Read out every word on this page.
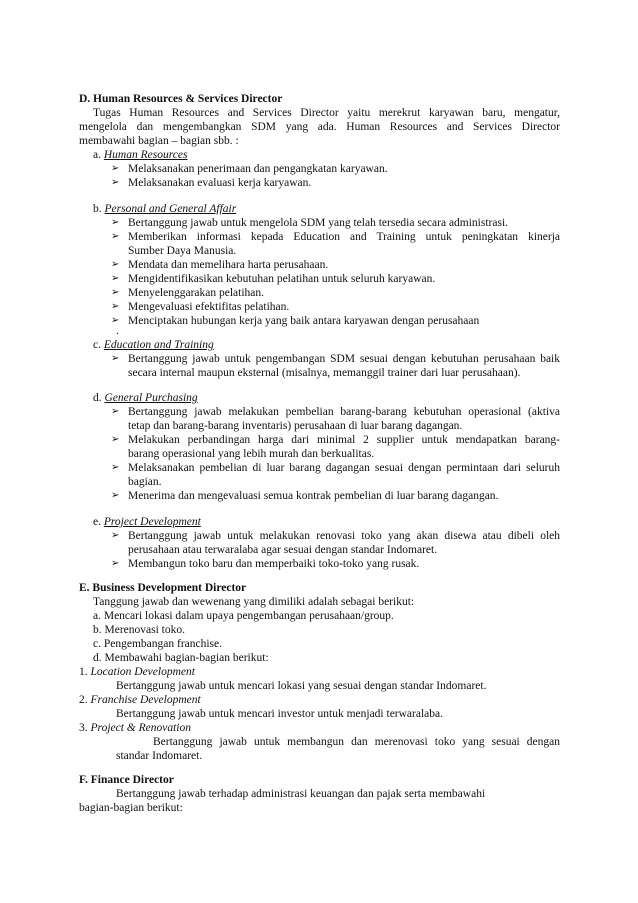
D. Human Resources & Services Director
Tugas Human Resources and Services Director yaitu merekrut karyawan baru, mengatur,
mengelola dan mengembangkan SDM yang ada. Human Resources and Services Director
membawahi bagian – bagian sbb. :
a. Human Resources
➢ Melaksanakan penerimaan dan pengangkatan karyawan.
➢ Melaksanakan evaluasi kerja karyawan.
b. Personal and General Affair
➢ Bertanggung jawab untuk mengelola SDM yang telah tersedia secara administrasi.
➢ Memberikan informasi kepada Education and Training untuk peningkatan kinerja
Sumber Daya Manusia.
➢ Mendata dan memelihara harta perusahaan.
➢ Mengidentifikasikan kebutuhan pelatihan untuk seluruh karyawan.
➢ Menyelenggarakan pelatihan.
➢ Mengevaluasi efektifitas pelatihan.
➢ Menciptakan hubungan kerja yang baik antara karyawan dengan perusahaan
.
c. Education and Training
➢ Bertanggung jawab untuk pengembangan SDM sesuai dengan kebutuhan perusahaan baik
secara internal maupun eksternal (misalnya, memanggil trainer dari luar perusahaan).
d. General Purchasing
➢ Bertanggung jawab melakukan pembelian barang-barang kebutuhan operasional (aktiva
tetap dan barang-barang inventaris) perusahaan di luar barang dagangan.
➢ Melakukan perbandingan harga dari minimal 2 supplier untuk mendapatkan barang-
barang operasional yang lebih murah dan berkualitas.
➢ Melaksanakan pembelian di luar barang dagangan sesuai dengan permintaan dari seluruh
bagian.
➢ Menerima dan mengevaluasi semua kontrak pembelian di luar barang dagangan.
e. Project Development
➢ Bertanggung jawab untuk melakukan renovasi toko yang akan disewa atau dibeli oleh
perusahaan atau terwaralaba agar sesuai dengan standar Indomaret.
➢ Membangun toko baru dan memperbaiki toko-toko yang rusak.
E. Business Development Director
Tanggung jawab dan wewenang yang dimiliki adalah sebagai berikut:
a. Mencari lokasi dalam upaya pengembangan perusahaan/group.
b. Merenovasi toko.
c. Pengembangan franchise.
d. Membawahi bagian-bagian berikut:
1. Location Development
Bertanggung jawab untuk mencari lokasi yang sesuai dengan standar Indomaret.
2. Franchise Development
Bertanggung jawab untuk mencari investor untuk menjadi terwaralaba.
3. Project & Renovation
Bertanggung jawab untuk membangun dan merenovasi toko yang sesuai dengan
standar Indomaret.
F. Finance Director
Bertanggung jawab terhadap administrasi keuangan dan pajak serta membawahi
bagian-bagian berikut:
